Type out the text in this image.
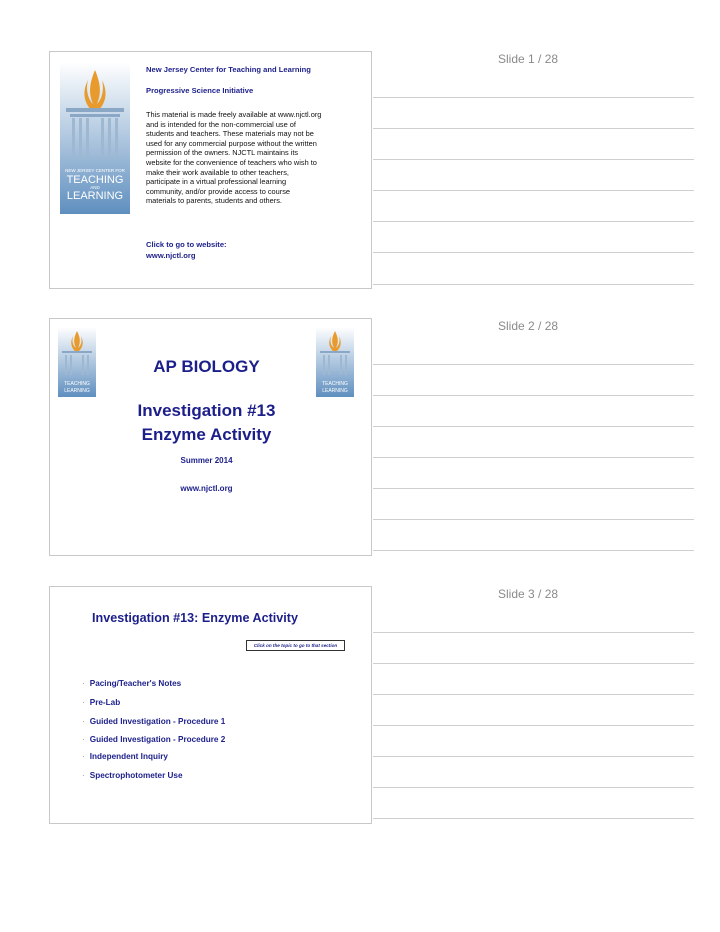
Slide 1 / 28
Slide 2 / 28
Slide 3 / 28
NEW JERSEY CENTER FOR
TEACHING
AND
LEARNING
New Jersey Center for Teaching and Learning
Progressive Science Initiative
This material is made freely available at www.njctl.org
and is intended for the non-commercial use of
students and teachers. These materials may not be
used for any commercial purpose without the written
permission of the owners. NJCTL maintains its
website for the convenience of teachers who wish to
make their work available to other teachers,
participate in a virtual professional learning
community, and/or provide access to course
materials to parents, students and others.
Click to go to website:
www.njctl.org
TEACHING
LEARNING
TEACHING
LEARNING
AP BIOLOGY
Investigation #13
Enzyme Activity
Summer 2014
www.njctl.org
Investigation #13: Enzyme Activity
Click on the topic to go to that section
· Pacing/Teacher's Notes
· Pre-Lab
· Guided Investigation - Procedure 1
· Guided Investigation - Procedure 2
· Independent Inquiry
· Spectrophotometer Use
